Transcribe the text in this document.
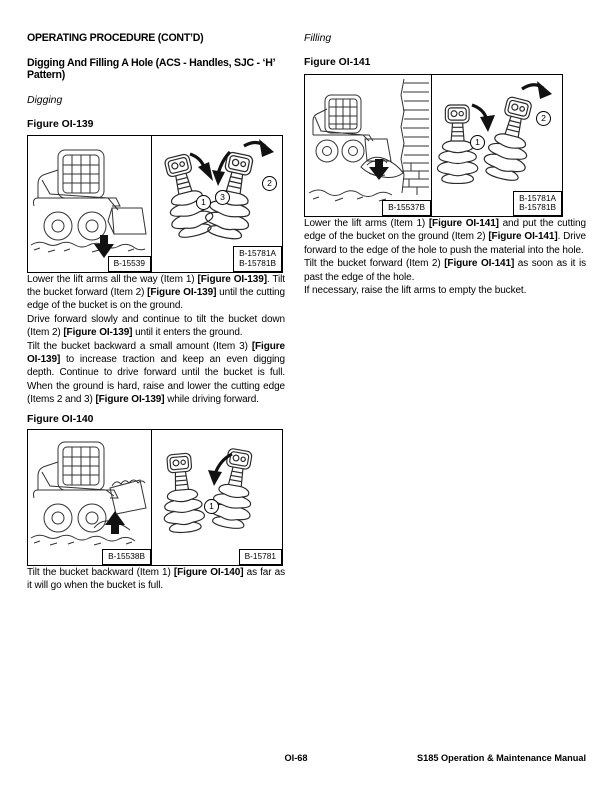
OPERATING PROCEDURE (CONT’D)
Digging And Filling A Hole (ACS - Handles, SJC - ‘H’ Pattern)
Digging
Figure OI-139
B-15539
1	3
2
B-15781A
B-15781B

Lower the lift arms all the way (Item 1) [Figure OI-139]. Tilt the bucket forward (Item 2) [Figure OI-139] until the cutting edge of the bucket is on the ground.

Drive forward slowly and continue to tilt the bucket down (Item 2) [Figure OI-139] until it enters the ground.

Tilt the bucket backward a small amount (Item 3) [Figure OI-139] to increase traction and keep an even digging depth. Continue to drive forward until the bucket is full. When the ground is hard, raise and lower the cutting edge (Items 2 and 3) [Figure OI-139] while driving forward.

Figure OI-140
B-15538B
1
B-15781

Tilt the bucket backward (Item 1) [Figure OI-140] as far as it will go when the bucket is full.

Filling
Figure OI-141
B-15537B
1
2
B-15781A
B-15781B

Lower the lift arms (Item 1) [Figure OI-141] and put the cutting edge of the bucket on the ground (Item 2) [Figure OI-141]. Drive forward to the edge of the hole to push the material into the hole.

Tilt the bucket forward (Item 2) [Figure OI-141] as soon as it is past the edge of the hole.

If necessary, raise the lift arms to empty the bucket.

OI-68	S185 Operation & Maintenance Manual
